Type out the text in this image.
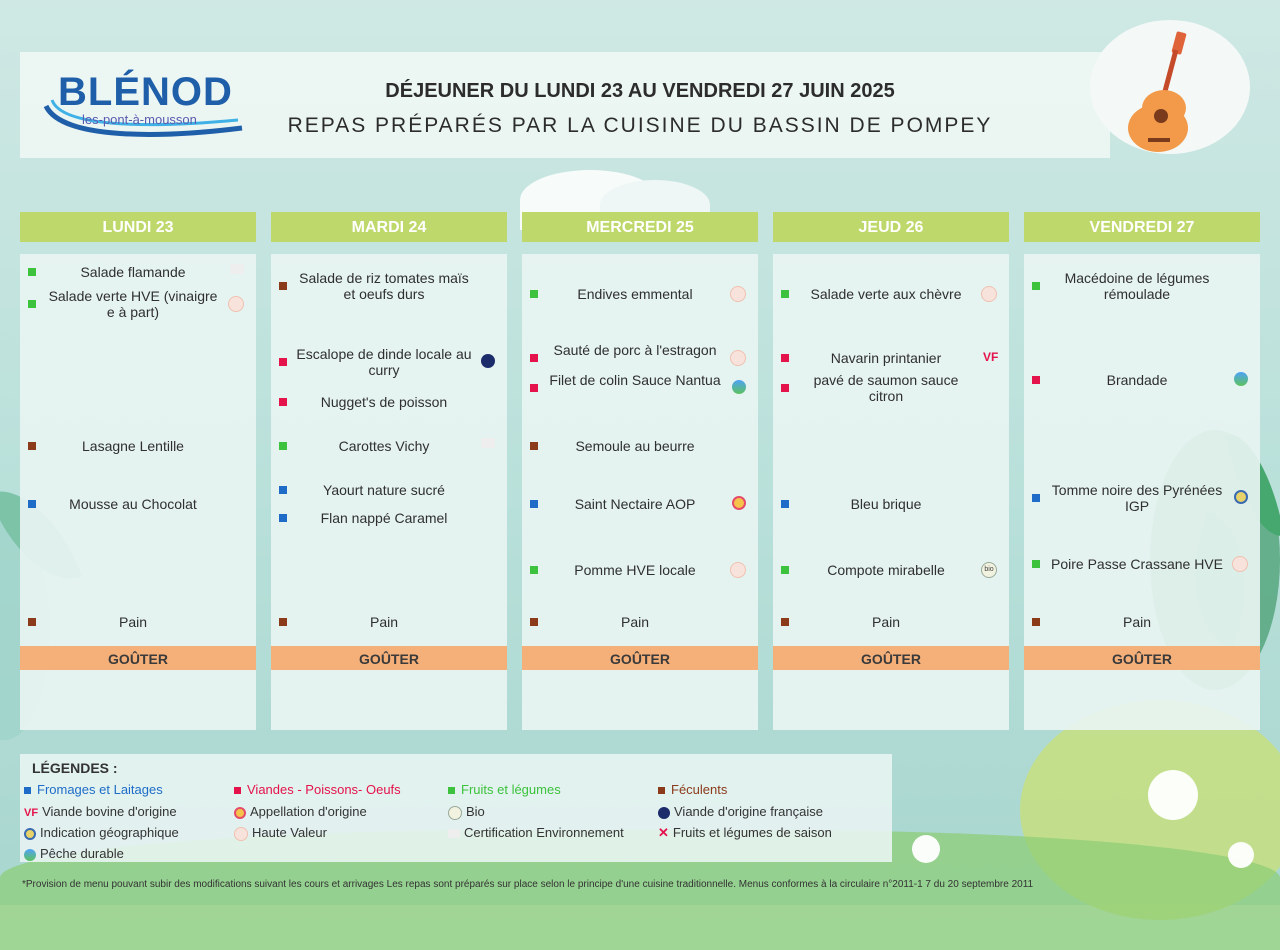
BLÉNOD
les-pont-à-mousson
DÉJEUNER DU LUNDI 23 AU VENDREDI 27 JUIN 2025
REPAS PRÉPARÉS PAR LA CUISINE DU BASSIN DE POMPEY
LUNDI 23
Salade flamande
Salade verte HVE (vinaigre e à part)
Lasagne Lentille
Mousse au Chocolat
Pain
GOÛTER
MARDI 24
Salade de riz tomates maïs et oeufs durs
Escalope de dinde locale au curry
Nugget's de poisson
Carottes Vichy
Yaourt nature sucré
Flan nappé Caramel
Pain
GOÛTER
MERCREDI 25
Endives emmental
Sauté de porc à l'estragon
Filet de colin Sauce Nantua
Semoule au beurre
Saint Nectaire AOP
Pomme HVE locale
Pain
GOÛTER
JEUD 26
Salade verte aux chèvre
Navarin printanier	VF
pavé de saumon sauce citron
Bleu brique
Compote mirabelle	bio
Pain
GOÛTER
VENDREDI 27
Macédoine de légumes rémoulade
Brandade
Tomme noire des Pyrénées IGP
Poire Passe Crassane HVE
Pain
GOÛTER
LÉGENDES :
Fromages et Laitages	Viandes - Poissons- Oeufs	Fruits et légumes	Féculents
VF Viande bovine d'origine	Appellation d'origine	Bio	Viande d'origine française
Indication géographique	Haute Valeur	Certification Environnement	✕ Fruits et légumes de saison
Pêche durable
*Provision de menu pouvant subir des modifications suivant les cours et arrivages Les repas sont préparés sur place selon le principe d'une cuisine traditionnelle. Menus conformes à la circulaire n°2011-1 7 du 20 septembre 2011
